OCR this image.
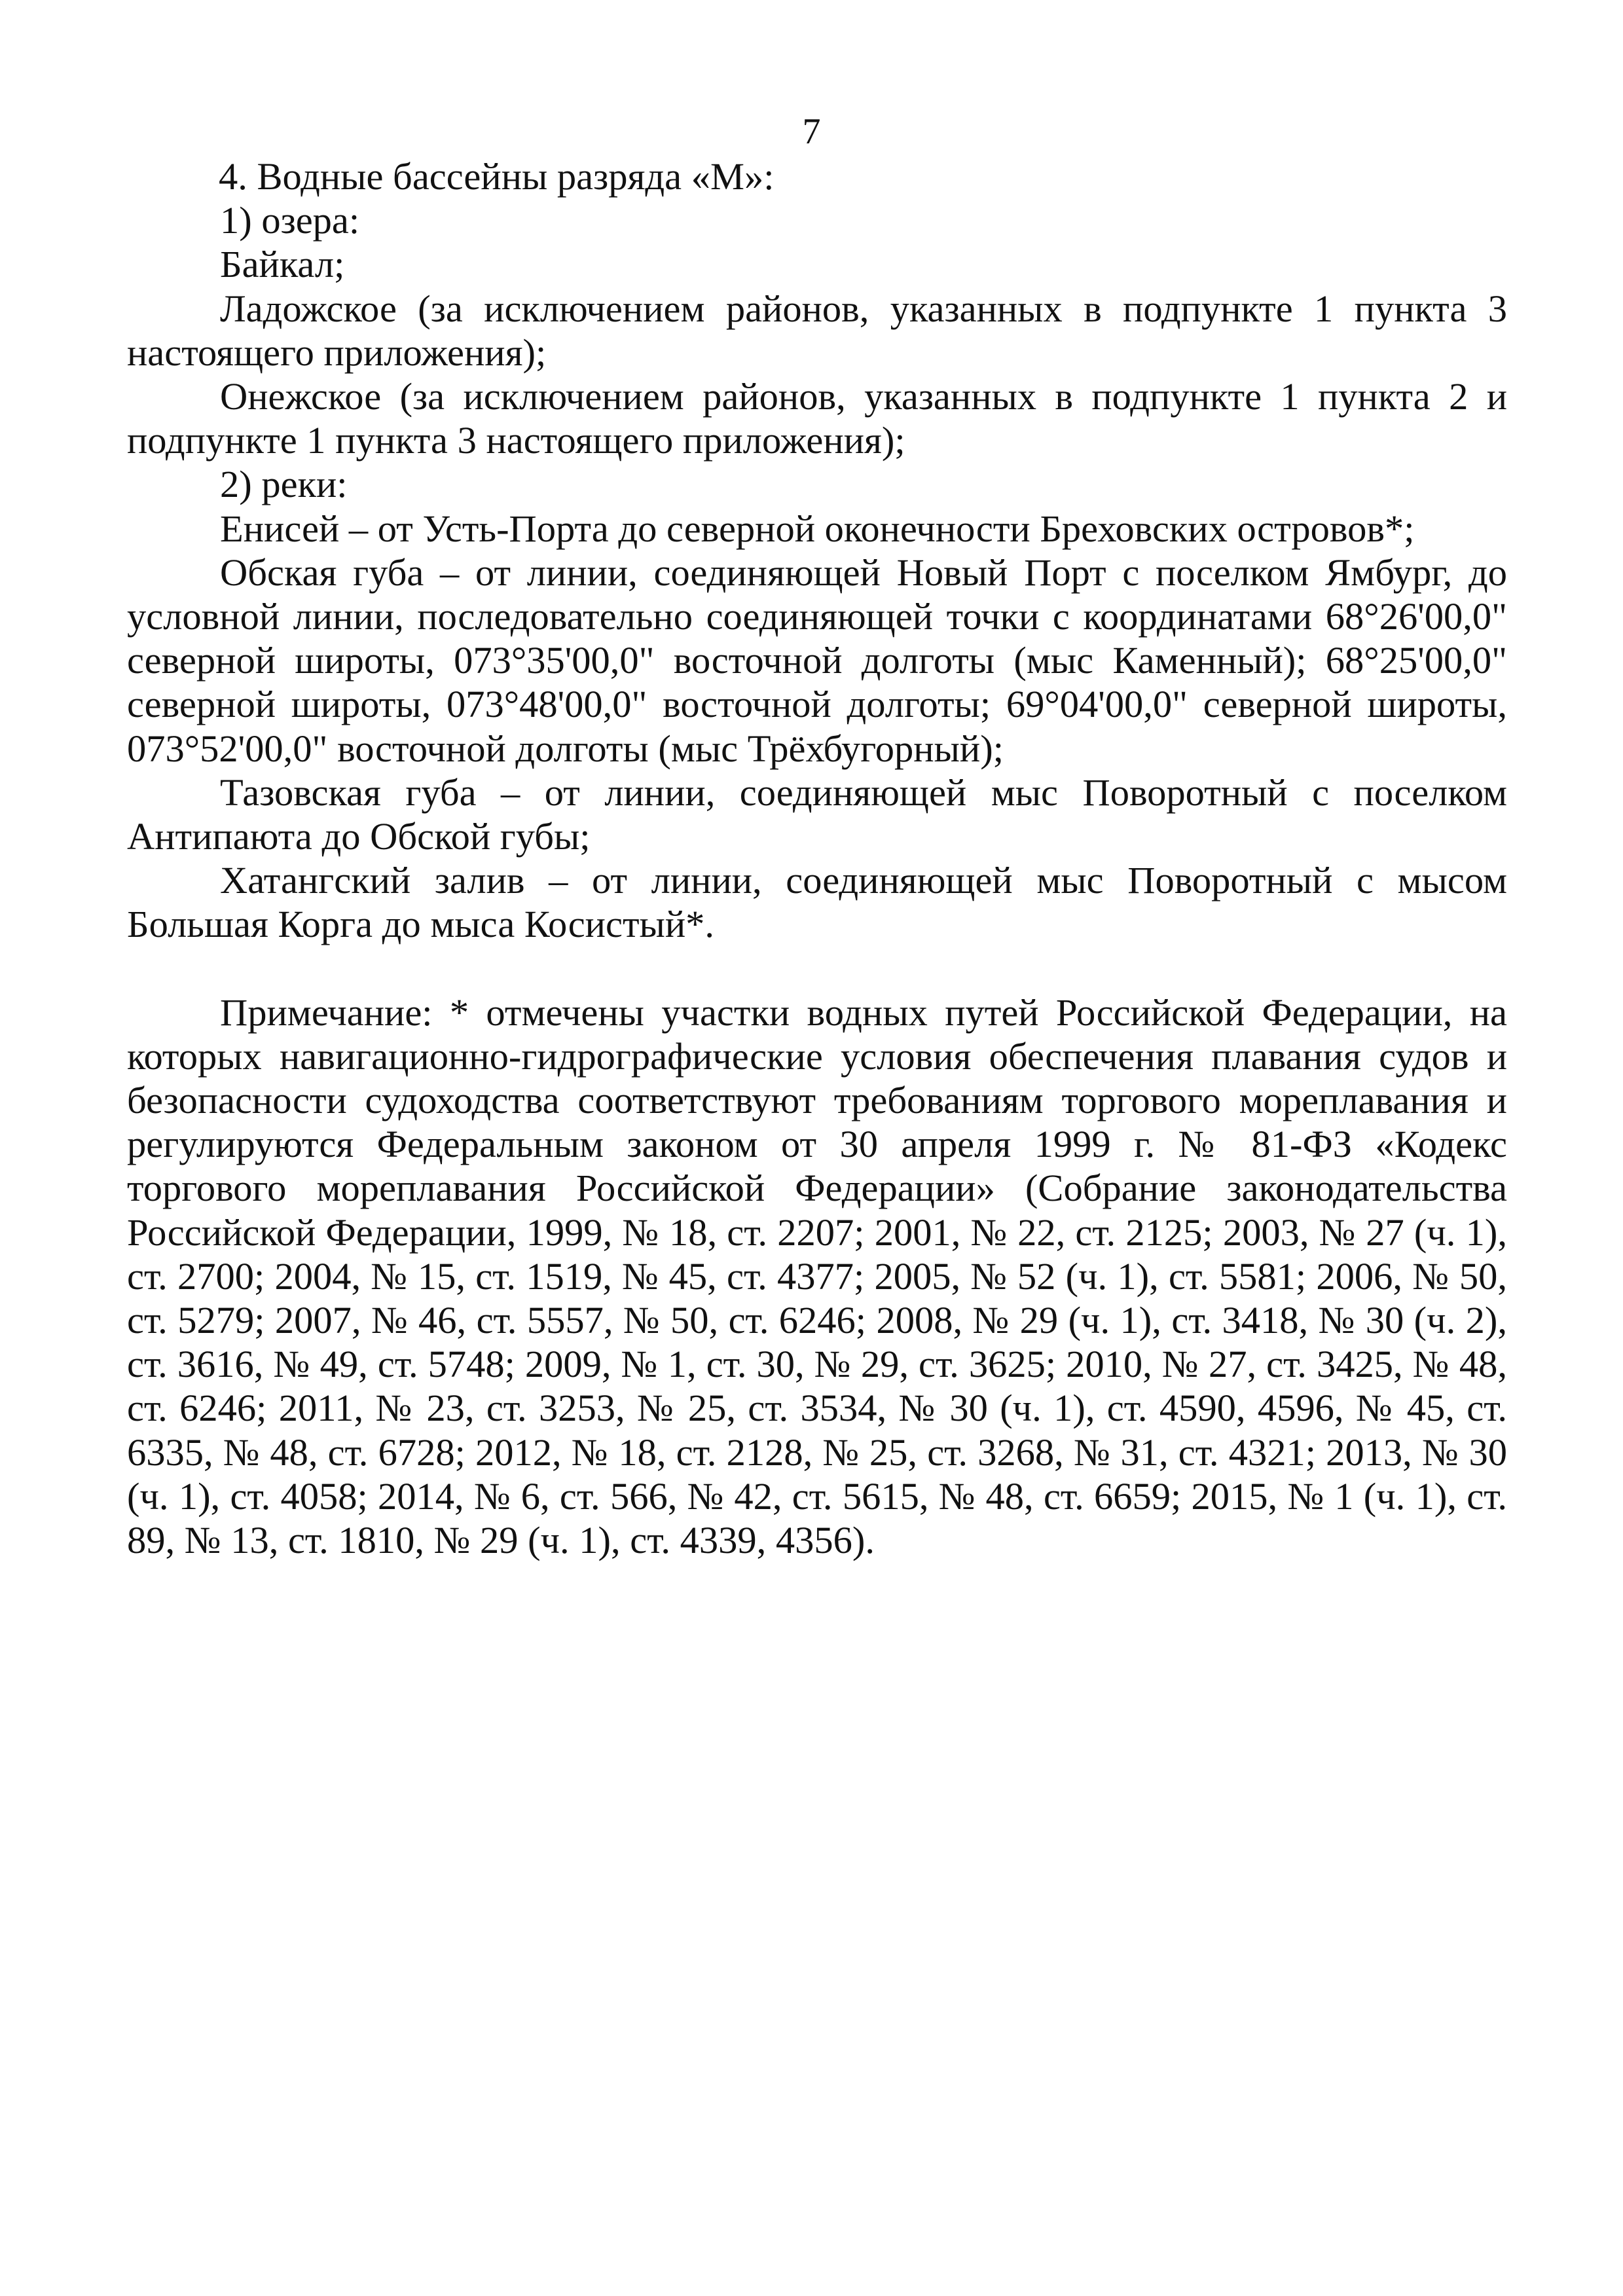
7

4. Водные бассейны разряда «М»:

1) озера:

Байкал;

Ладожское (за исключением районов, указанных в подпункте 1 пункта 3 настоящего приложения);

Онежское (за исключением районов, указанных в подпункте 1 пункта 2 и подпункте 1 пункта 3 настоящего приложения);

2) реки:

Енисей – от Усть-Порта до северной оконечности Бреховских островов*;

Обская губа – от линии, соединяющей Новый Порт с поселком Ямбург, до условной линии, последовательно соединяющей точки с координатами 68°26'00,0" северной широты, 073°35'00,0" восточной долготы (мыс Каменный); 68°25'00,0" северной широты, 073°48'00,0" восточной долготы; 69°04'00,0" северной широты, 073°52'00,0" восточной долготы (мыс Трёхбугорный);

Тазовская губа – от линии, соединяющей мыс Поворотный с поселком Антипаюта до Обской губы;

Хатангский залив – от линии, соединяющей мыс Поворотный с мысом Большая Корга до мыса Косистый*.

Примечание: * отмечены участки водных путей Российской Федерации, на которых навигационно-гидрографические условия обеспечения плавания судов и безопасности судоходства соответствуют требованиям торгового мореплавания и регулируются Федеральным законом от 30 апреля 1999 г. № 81-ФЗ «Кодекс торгового мореплавания Российской Федерации» (Собрание законодательства Российской Федерации, 1999, № 18, ст. 2207; 2001, № 22, ст. 2125; 2003, № 27 (ч. 1), ст. 2700; 2004, № 15, ст. 1519, № 45, ст. 4377; 2005, № 52 (ч. 1), ст. 5581; 2006, № 50, ст. 5279; 2007, № 46, ст. 5557, № 50, ст. 6246; 2008, № 29 (ч. 1), ст. 3418, № 30 (ч. 2), ст. 3616, № 49, ст. 5748; 2009, № 1, ст. 30, № 29, ст. 3625; 2010, № 27, ст. 3425, № 48, ст. 6246; 2011, № 23, ст. 3253, № 25, ст. 3534, № 30 (ч. 1), ст. 4590, 4596, № 45, ст. 6335, № 48, ст. 6728; 2012, № 18, ст. 2128, № 25, ст. 3268, № 31, ст. 4321; 2013, № 30 (ч. 1), ст. 4058; 2014, № 6, ст. 566, № 42, ст. 5615, № 48, ст. 6659; 2015, № 1 (ч. 1), ст. 89, № 13, ст. 1810, № 29 (ч. 1), ст. 4339, 4356).
